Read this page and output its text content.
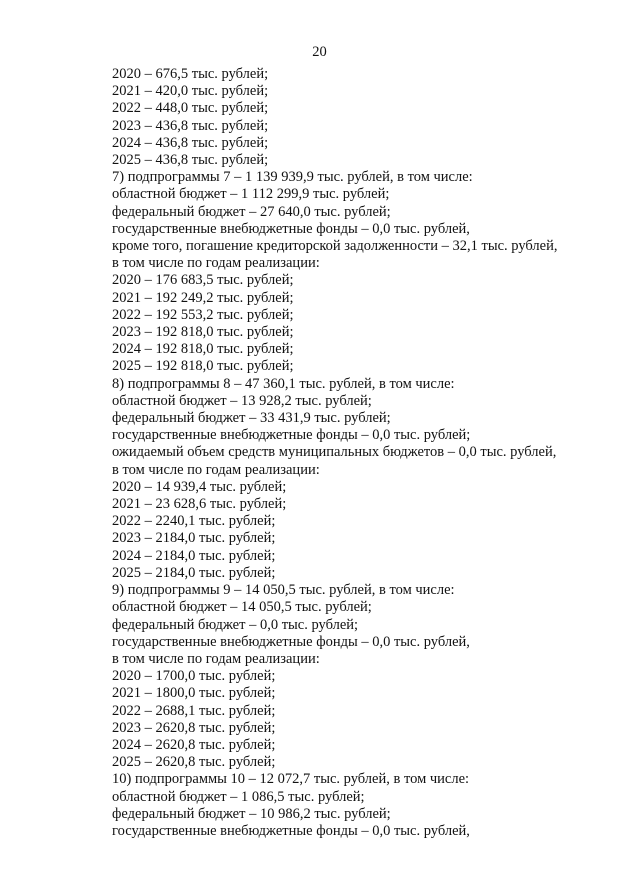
20
2020 – 676,5 тыс. рублей;
2021 – 420,0 тыс. рублей;
2022 – 448,0 тыс. рублей;
2023 – 436,8 тыс. рублей;
2024 – 436,8 тыс. рублей;
2025 – 436,8 тыс. рублей;
7) подпрограммы 7 – 1 139 939,9 тыс. рублей, в том числе:
областной бюджет – 1 112 299,9 тыс. рублей;
федеральный бюджет – 27 640,0 тыс. рублей;
государственные внебюджетные фонды – 0,0 тыс. рублей,
кроме того, погашение кредиторской задолженности – 32,1 тыс. рублей,
в том числе по годам реализации:
2020 – 176 683,5 тыс. рублей;
2021 – 192 249,2 тыс. рублей;
2022 – 192 553,2 тыс. рублей;
2023 – 192 818,0 тыс. рублей;
2024 – 192 818,0 тыс. рублей;
2025 – 192 818,0 тыс. рублей;
8) подпрограммы 8 – 47 360,1 тыс. рублей, в том числе:
областной бюджет – 13 928,2 тыс. рублей;
федеральный бюджет – 33 431,9 тыс. рублей;
государственные внебюджетные фонды – 0,0 тыс. рублей;
ожидаемый объем средств муниципальных бюджетов – 0,0 тыс. рублей,
в том числе по годам реализации:
2020 – 14 939,4 тыс. рублей;
2021 – 23 628,6 тыс. рублей;
2022 – 2240,1 тыс. рублей;
2023 – 2184,0 тыс. рублей;
2024 – 2184,0 тыс. рублей;
2025 – 2184,0 тыс. рублей;
9) подпрограммы 9 – 14 050,5 тыс. рублей, в том числе:
областной бюджет – 14 050,5 тыс. рублей;
федеральный бюджет – 0,0 тыс. рублей;
государственные внебюджетные фонды – 0,0 тыс. рублей,
в том числе по годам реализации:
2020 – 1700,0 тыс. рублей;
2021 – 1800,0 тыс. рублей;
2022 – 2688,1 тыс. рублей;
2023 – 2620,8 тыс. рублей;
2024 – 2620,8 тыс. рублей;
2025 – 2620,8 тыс. рублей;
10) подпрограммы 10 – 12 072,7 тыс. рублей, в том числе:
областной бюджет – 1 086,5 тыс. рублей;
федеральный бюджет – 10 986,2 тыс. рублей;
государственные внебюджетные фонды – 0,0 тыс. рублей,
